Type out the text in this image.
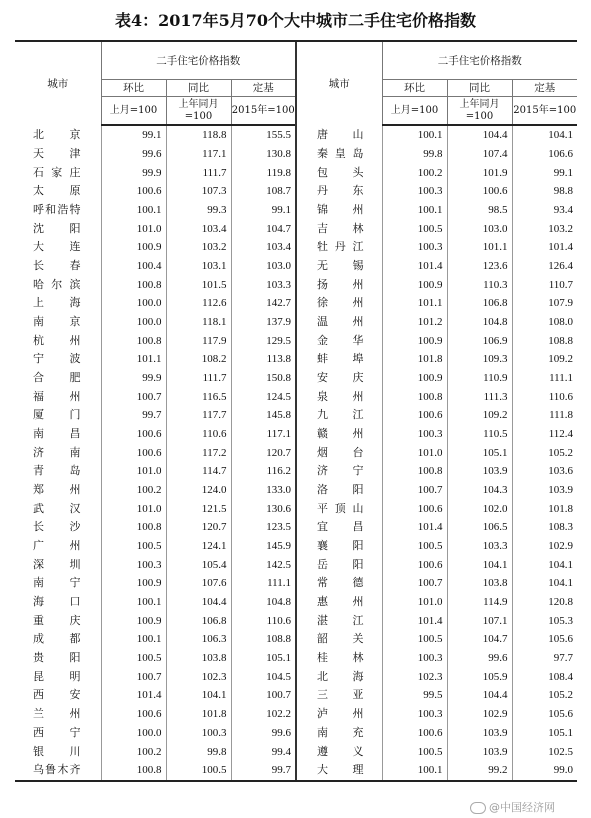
表4：2017年5月70个大中城市二手住宅价格指数
城市	二手住宅价格指数			城市	二手住宅价格指数		
	环比	同比	定基		环比	同比	定基
	上月=100	上年同月=100	2015年=100		上月=100	上年同月=100	2015年=100
北京	99.1	118.8	155.5	唐山	100.1	104.4	104.1
天津	99.6	117.1	130.8	秦皇岛	99.8	107.4	106.6
石家庄	99.9	111.7	119.8	包头	100.2	101.9	99.1
太原	100.6	107.3	108.7	丹东	100.3	100.6	98.8
呼和浩特	100.1	99.3	99.1	锦州	100.1	98.5	93.4
沈阳	101.0	103.4	104.7	吉林	100.5	103.0	103.2
大连	100.9	103.2	103.4	牡丹江	100.3	101.1	101.4
长春	100.4	103.1	103.0	无锡	101.4	123.6	126.4
哈尔滨	100.8	101.5	103.3	扬州	100.9	110.3	110.7
上海	100.0	112.6	142.7	徐州	101.1	106.8	107.9
南京	100.0	118.1	137.9	温州	101.2	104.8	108.0
杭州	100.8	117.9	129.5	金华	100.9	106.9	108.8
宁波	101.1	108.2	113.8	蚌埠	101.8	109.3	109.2
合肥	99.9	111.7	150.8	安庆	100.9	110.9	111.1
福州	100.7	116.5	124.5	泉州	100.8	111.3	110.6
厦门	99.7	117.7	145.8	九江	100.6	109.2	111.8
南昌	100.6	110.6	117.1	赣州	100.3	110.5	112.4
济南	100.6	117.2	120.7	烟台	101.0	105.1	105.2
青岛	101.0	114.7	116.2	济宁	100.8	103.9	103.6
郑州	100.2	124.0	133.0	洛阳	100.7	104.3	103.9
武汉	101.0	121.5	130.6	平顶山	100.6	102.0	101.8
长沙	100.8	120.7	123.5	宜昌	101.4	106.5	108.3
广州	100.5	124.1	145.9	襄阳	100.5	103.3	102.9
深圳	100.3	105.4	142.5	岳阳	100.6	104.1	104.1
南宁	100.9	107.6	111.1	常德	100.7	103.8	104.1
海口	100.1	104.4	104.8	惠州	101.0	114.9	120.8
重庆	100.9	106.8	110.6	湛江	101.4	107.1	105.3
成都	100.1	106.3	108.8	韶关	100.5	104.7	105.6
贵阳	100.5	103.8	105.1	桂林	100.3	99.6	97.7
昆明	100.7	102.3	104.5	北海	102.3	105.9	108.4
西安	101.4	104.1	100.7	三亚	99.5	104.4	105.2
兰州	100.6	101.8	102.2	泸州	100.3	102.9	105.6
西宁	100.0	100.3	99.6	南充	100.6	103.9	105.1
银川	100.2	99.8	99.4	遵义	100.5	103.9	102.5
乌鲁木齐	100.8	100.5	99.7	大理	100.1	99.2	99.0
@中国经济网
